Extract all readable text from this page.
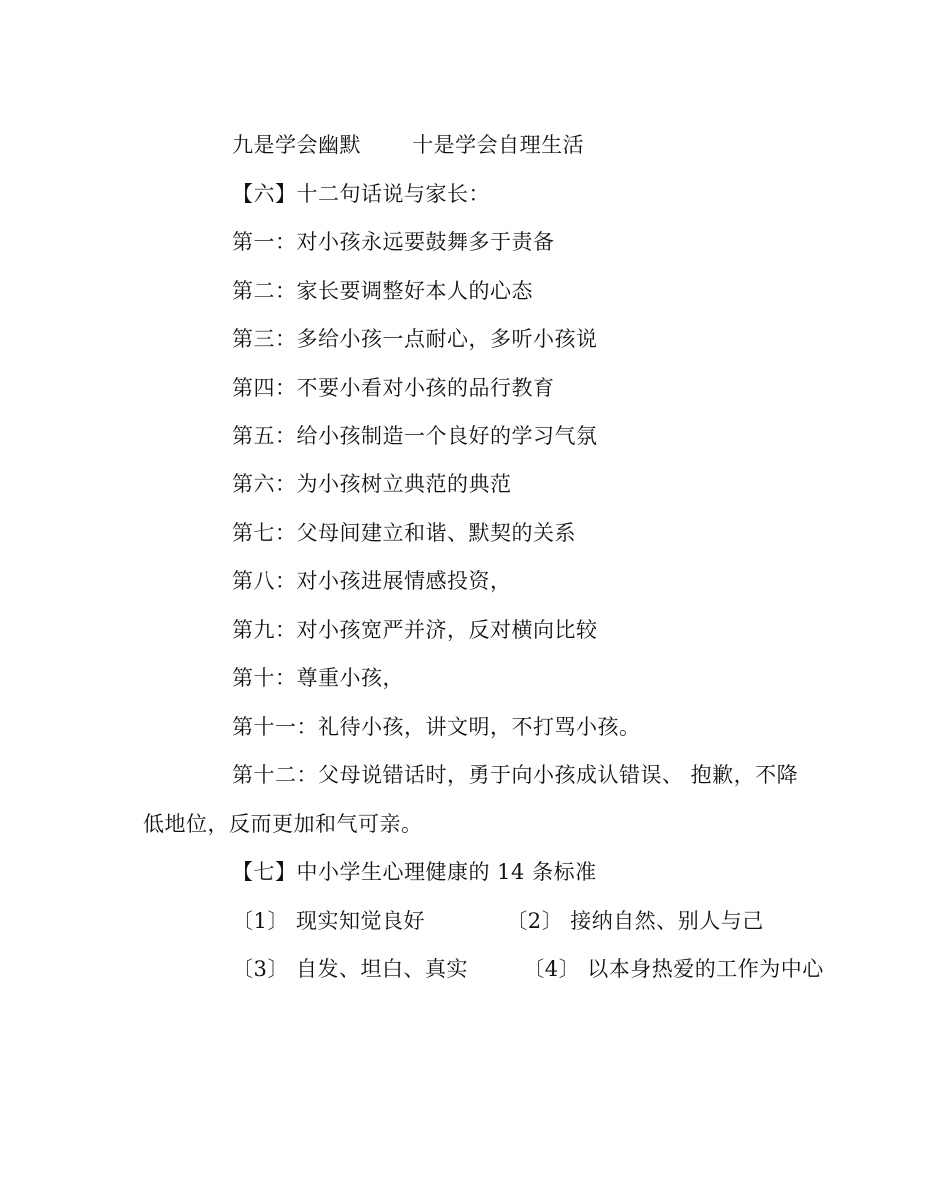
九是学会幽默 十是学会自理生活
【六】十二句话说与家长：
第一：对小孩永远要鼓舞多于责备
第二：家长要调整好本人的心态
第三：多给小孩一点耐心，多听小孩说
第四：不要小看对小孩的品行教育
第五：给小孩制造一个良好的学习气氛
第六：为小孩树立典范的典范
第七：父母间建立和谐、默契的关系
第八：对小孩进展情感投资，
第九：对小孩宽严并济，反对横向比较
第十：尊重小孩，
第十一：礼待小孩，讲文明，不打骂小孩。
第十二：父母说错话时，勇于向小孩成认错误、 抱歉，不降
低地位，反而更加和气可亲。
【七】中小学生心理健康的 14 条标准
〔1〕 现实知觉良好	〔2〕 接纳自然、别人与己
〔3〕 自发、坦白、真实	〔4〕 以本身热爱的工作为中心
